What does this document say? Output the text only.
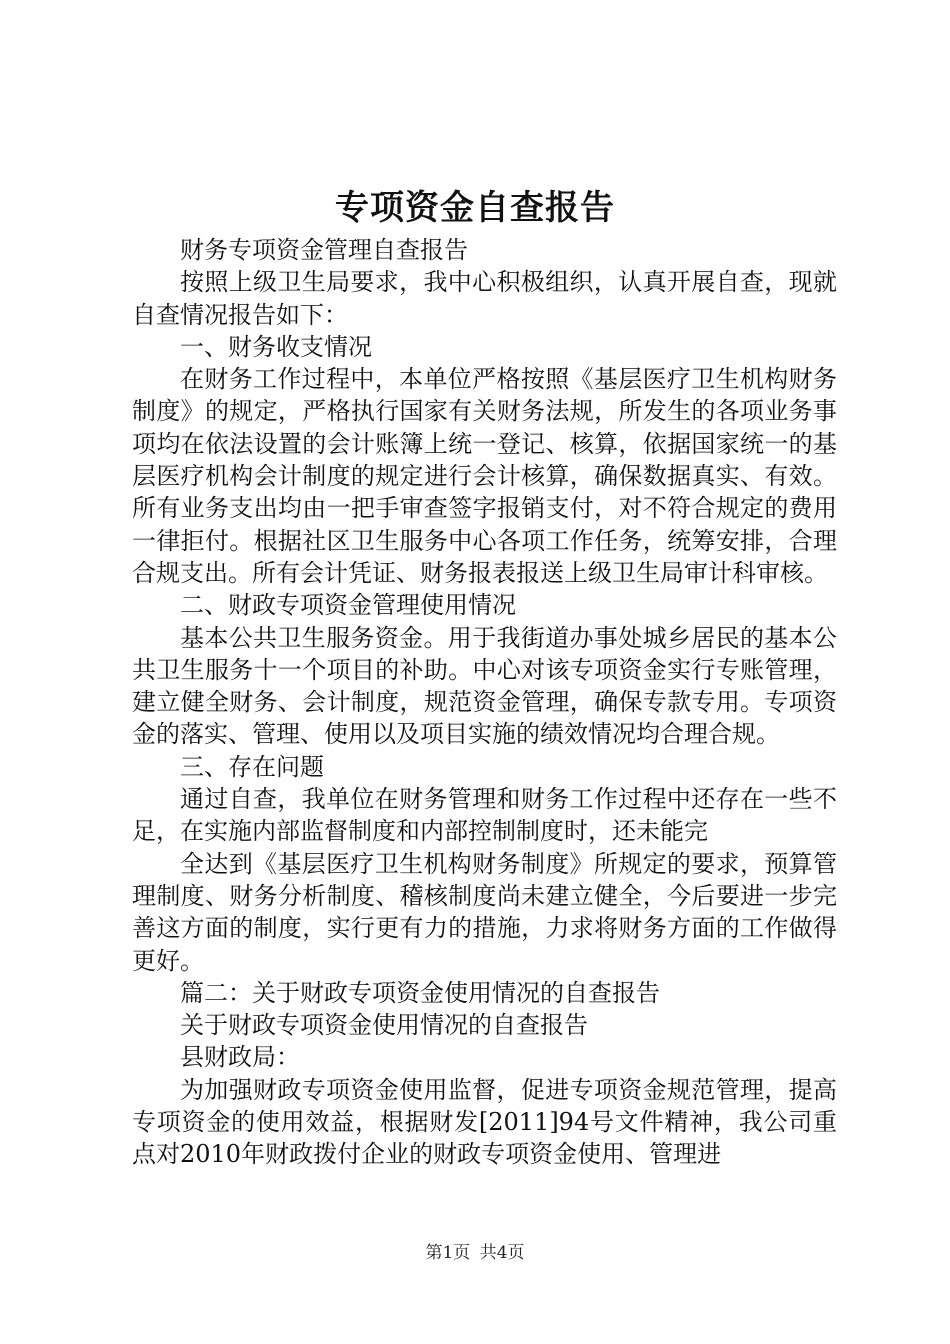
专项资金自查报告

财务专项资金管理自查报告

按照上级卫生局要求，我中心积极组织，认真开展自查，现就自查情况报告如下：

一、财务收支情况

在财务工作过程中，本单位严格按照《基层医疗卫生机构财务制度》的规定，严格执行国家有关财务法规，所发生的各项业务事项均在依法设置的会计账簿上统一登记、核算，依据国家统一的基层医疗机构会计制度的规定进行会计核算，确保数据真实、有效。所有业务支出均由一把手审查签字报销支付，对不符合规定的费用一律拒付。根据社区卫生服务中心各项工作任务，统筹安排，合理合规支出。所有会计凭证、财务报表报送上级卫生局审计科审核。

二、财政专项资金管理使用情况

基本公共卫生服务资金。用于我街道办事处城乡居民的基本公共卫生服务十一个项目的补助。中心对该专项资金实行专账管理，建立健全财务、会计制度，规范资金管理，确保专款专用。专项资金的落实、管理、使用以及项目实施的绩效情况均合理合规。

三、存在问题

通过自查，我单位在财务管理和财务工作过程中还存在一些不足，在实施内部监督制度和内部控制制度时，还未能完

全达到《基层医疗卫生机构财务制度》所规定的要求，预算管理制度、财务分析制度、稽核制度尚未建立健全，今后要进一步完善这方面的制度，实行更有力的措施，力求将财务方面的工作做得更好。

篇二：关于财政专项资金使用情况的自查报告

关于财政专项资金使用情况的自查报告

县财政局：

为加强财政专项资金使用监督，促进专项资金规范管理，提高专项资金的使用效益，根据财发[2011]94号文件精神，我公司重点对2010年财政拨付企业的财政专项资金使用、管理进

第1页 共4页
